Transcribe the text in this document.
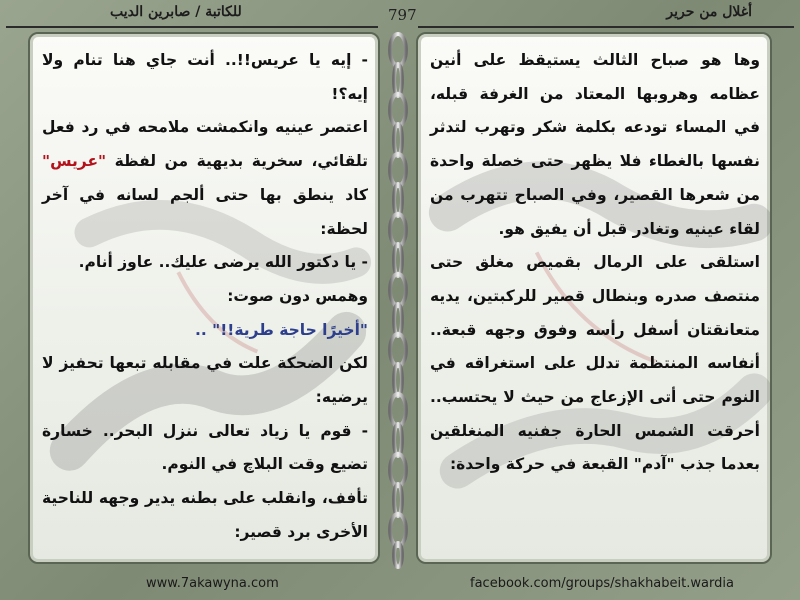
للكاتبة / صابرين الديب	797	أغلال من حرير

- إيه يا عريس!!.. أنت جاي هنا تنام ولا إيه؟!

اعتصر عينيه وانكمشت ملامحه في رد فعل تلقائي، سخرية بديهية من لفظة "عريس" كاد ينطق بها حتى ألجم لسانه في آخر لحظة:

- يا دكتور الله يرضى عليك.. عاوز أنام.

وهمس دون صوت:

"أخيرًا حاجة طرية!!" ..

لكن الضحكة علت في مقابله تبعها تحفيز لا يرضيه:

- قوم يا زياد تعالى ننزل البحر.. خسارة تضيع وقت البلاچ في النوم.

تأفف، وانقلب على بطنه يدير وجهه للناحية الأخرى برد قصير:

وها هو صباح الثالث يستيقظ على أنين عظامه وهروبها المعتاد من الغرفة قبله، في المساء تودعه بكلمة شكر وتهرب لتدثر نفسها بالغطاء فلا يظهر حتى خصلة واحدة من شعرها القصير، وفي الصباح تتهرب من لقاء عينيه وتغادر قبل أن يفيق هو.

استلقى على الرمال بقميص مغلق حتى منتصف صدره وبنطال قصير للركبتين، يديه متعانقتان أسفل رأسه وفوق وجهه قبعة.. أنفاسه المنتظمة تدلل على استغراقه في النوم حتى أتى الإزعاج من حيث لا يحتسب.. أحرقت الشمس الحارة جفنيه المنغلقين بعدما جذب "آدم" القبعة في حركة واحدة:

www.7akawyna.com	facebook.com/groups/shakhabeit.wardia
